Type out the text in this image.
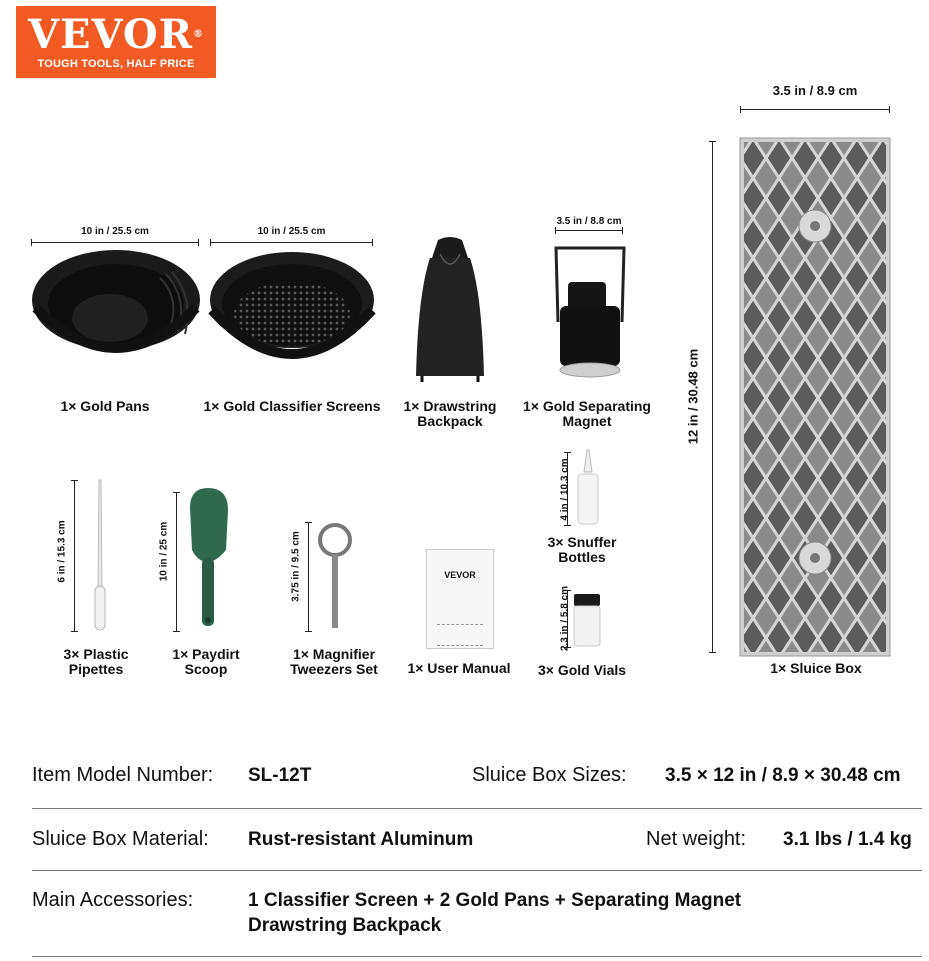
VEVOR®
TOUGH TOOLS, HALF PRICE
10 in / 25.5 cm
1× Gold Pans
10 in / 25.5 cm
1× Gold Classifier Screens	1× Drawstring
Backpack
3.5 in / 8.8 cm
1× Gold Separating
Magnet
6 in / 15.3 cm
3× Plastic
Pipettes
10 in / 25 cm
1× Paydirt
Scoop
3.75 in / 9.5 cm
1× Magnifier
Tweezers Set
VEVOR
1× User Manual
4 in / 10.3 cm
3× Snuffer
Bottles
2.3 in / 5.8 cm
3× Gold Vials
3.5 in / 8.9 cm
12 in / 30.48 cm
1× Sluice Box
Item Model Number: SL-12T	Sluice Box Sizes: 3.5 × 12 in / 8.9 × 30.48 cm
Sluice Box Material: Rust-resistant Aluminum	Net weight: 3.1 lbs / 1.4 kg
Main Accessories:	1 Classifier Screen + 2 Gold Pans + Separating Magnet
Drawstring Backpack
